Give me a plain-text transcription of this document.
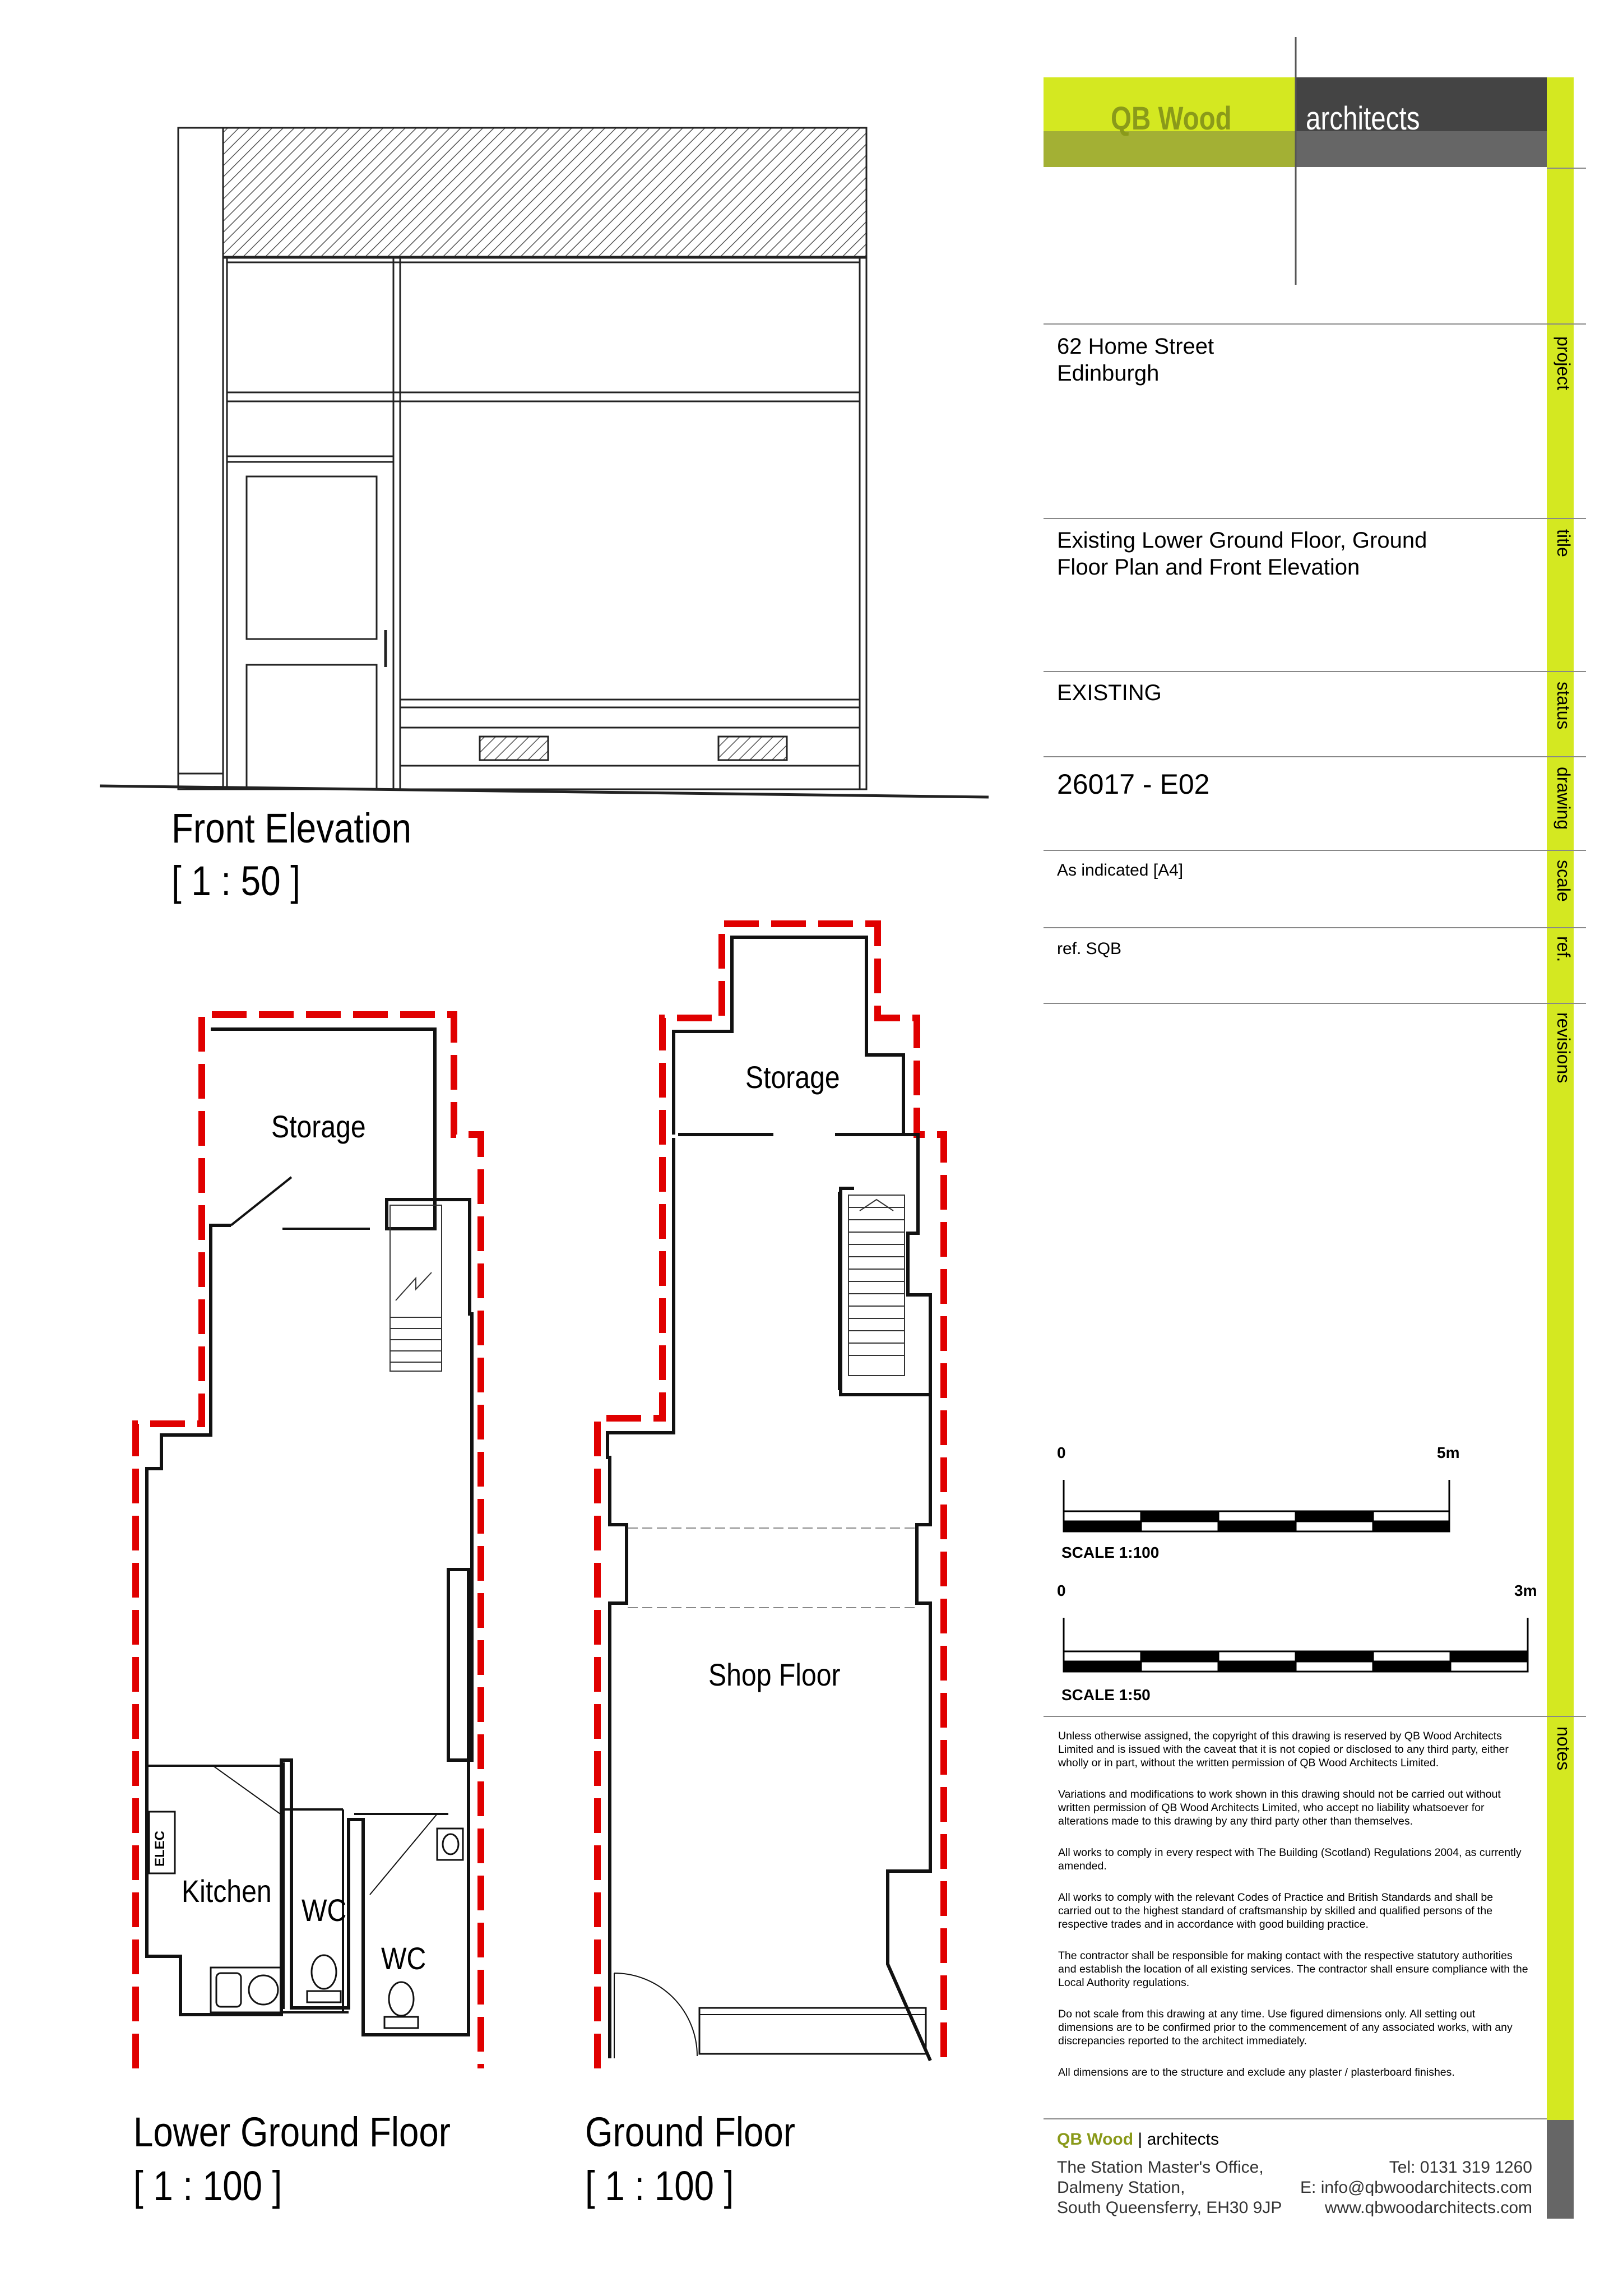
Front Elevation
[ 1 : 50 ]
Storage
Kitchen
WC
WC
ELEC
Storage
Shop Floor
Lower Ground Floor
[ 1 : 100 ]
Ground Floor
[ 1 : 100 ]
QB Wood architects
62 Home Street
Edinburgh
Existing Lower Ground Floor, Ground
Floor Plan and Front Elevation
EXISTING
26017 - E02
As indicated [A4]
ref. SQB
project
title
status
drawing
scale
ref.
revisions
notes
0	5m
SCALE 1:100
0	3m
SCALE 1:50

Unless otherwise assigned, the copyright of this drawing is reserved by QB Wood Architects Limited and is issued with the caveat that it is not copied or disclosed to any third party, either wholly or in part, without the written permission of QB Wood Architects Limited.

Variations and modifications to work shown in this drawing should not be carried out without written permission of QB Wood Architects Limited, who accept no liability whatsoever for alterations made to this drawing by any third party other than themselves.

All works to comply in every respect with The Building (Scotland) Regulations 2004, as currently amended.

All works to comply with the relevant Codes of Practice and British Standards and shall be carried out to the highest standard of craftsmanship by skilled and qualified persons of the respective trades and in accordance with good building practice.

The contractor shall be responsible for making contact with the respective statutory authorities and establish the location of all existing services. The contractor shall ensure compliance with the Local Authority regulations.

Do not scale from this drawing at any time. Use figured dimensions only. All setting out dimensions are to be confirmed prior to the commencement of any associated works, with any discrepancies reported to the architect immediately.

All dimensions are to the structure and exclude any plaster / plasterboard finishes.

QB Wood | architects
The Station Master's Office,
Dalmeny Station,
South Queensferry, EH30 9JP
Tel: 0131 319 1260
E: info@qbwoodarchitects.com
www.qbwoodarchitects.com
